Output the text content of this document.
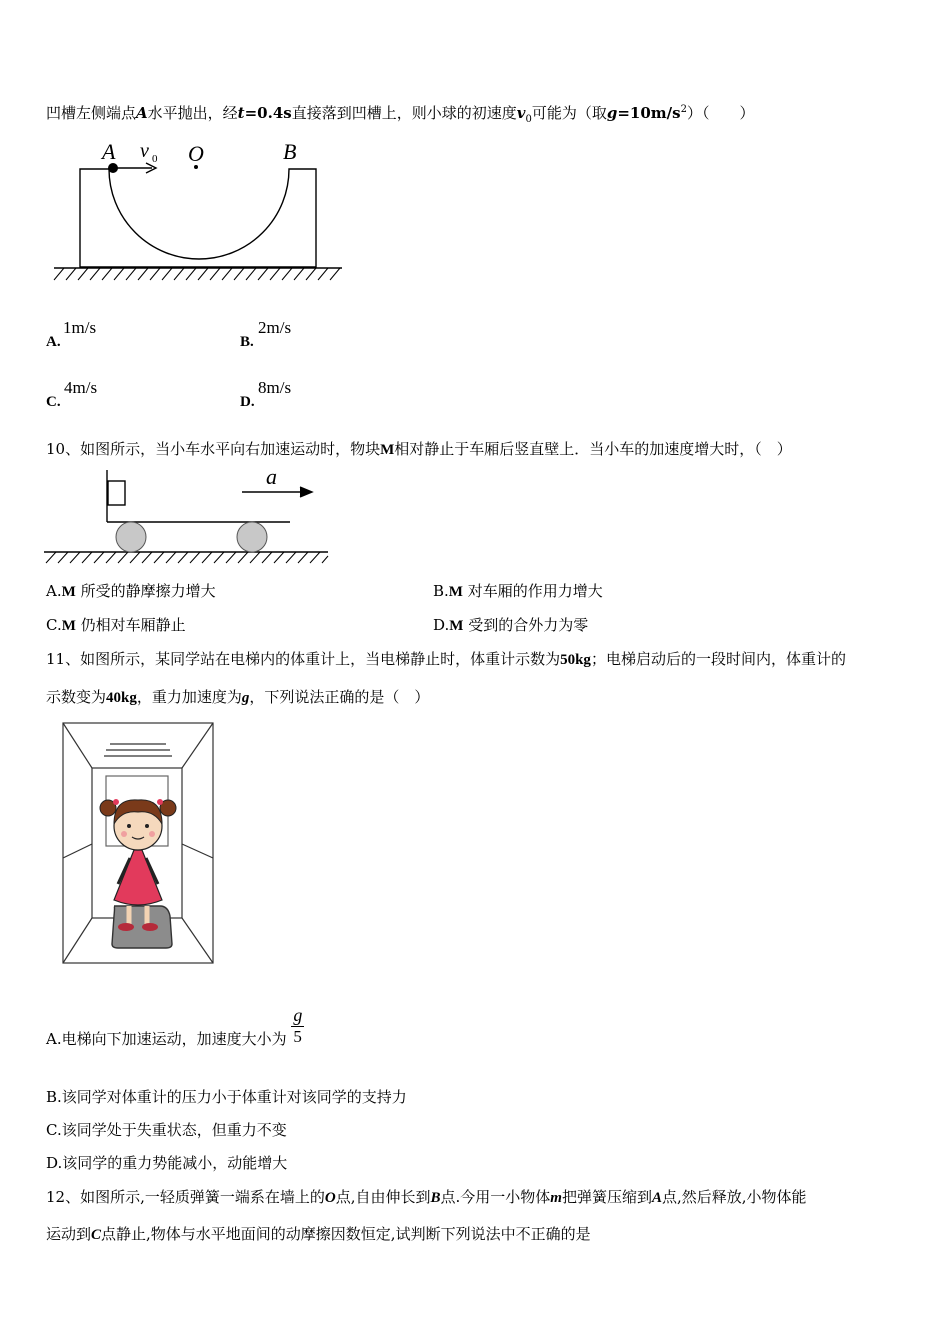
凹槽左侧端点A水平抛出，经t=0.4s直接落到凹槽上，则小球的初速度$v_0$可能为（取$g=10m/s^2$）（　　）
A v 0 O	B
A.
1m/s
B.
2m/s
C.
4m/s
D.
8m/s
10、如图所示，当小车水平向右加速运动时，物块M相对静止于车厢后竖直壁上．当小车的加速度增大时，（　）
a
A.M 所受的静摩擦力增大	B.M 对车厢的作用力增大
C.M 仍相对车厢静止	D.M 受到的合外力为零
11、如图所示，某同学站在电梯内的体重计上，当电梯静止时，体重计示数为50kg；电梯启动后的一段时间内，体重计的
示数变为40kg，重力加速度为g，下列说法正确的是（　）
A.电梯向下加速运动，加速度大小为 $\frac{g}{5}$
B.该同学对体重计的压力小于体重计对该同学的支持力
C.该同学处于失重状态，但重力不变
D.该同学的重力势能减小，动能增大
12、如图所示,一轻质弹簧一端系在墙上的O点,自由伸长到B点.今用一小物体m把弹簧压缩到A点,然后释放,小物体能
运动到C点静止,物体与水平地面间的动摩擦因数恒定,试判断下列说法中不正确的是
